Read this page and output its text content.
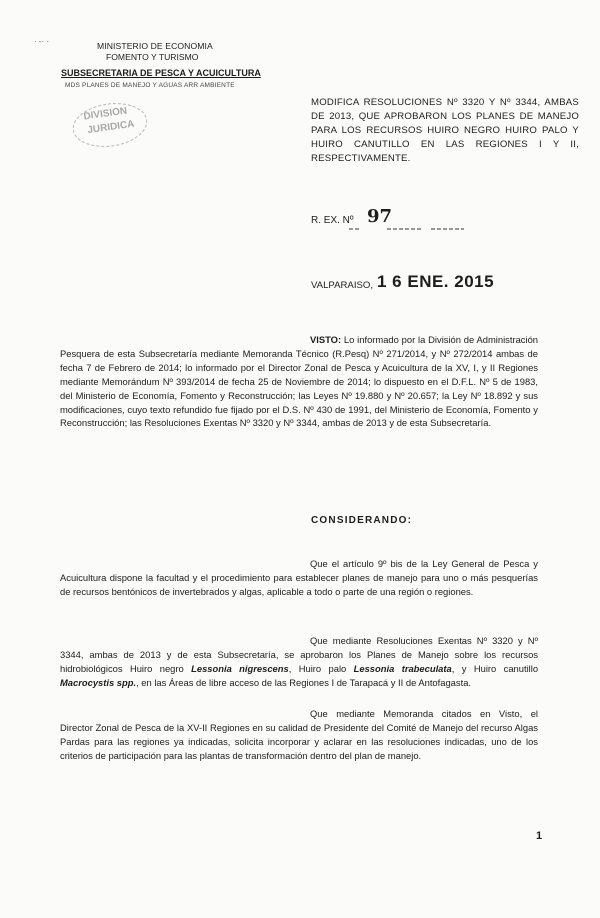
· -· ·	MINISTERIO DE ECONOMIA
FOMENTO Y TURISMO
SUBSECRETARIA DE PESCA Y ACUICULTURA
MDS PLANES DE MANEJO Y AGUAS ARR AMBIENTE
DIVISION
JURIDICA
MODIFICA RESOLUCIONES Nº 3320 Y Nº 3344, AMBAS DE 2013, QUE APROBARON LOS PLANES DE MANEJO PARA LOS RECURSOS HUIRO NEGRO HUIRO PALO Y HUIRO CANUTILLO EN LAS REGIONES I Y II, RESPECTIVAMENTE.
R. EX. Nº 97
VALPARAISO, 1 6 ENE. 2015
VISTO: Lo informado por la División de Administración Pesquera de esta Subsecretaría mediante Memoranda Técnico (R.Pesq) Nº 271/2014, y Nº 272/2014 ambas de fecha 7 de Febrero de 2014; lo informado por el Director Zonal de Pesca y Acuicultura de la XV, I, y II Regiones mediante Memorándum Nº 393/2014 de fecha 25 de Noviembre de 2014; lo dispuesto en el D.F.L. Nº 5 de 1983, del Ministerio de Economía, Fomento y Reconstrucción; las Leyes Nº 19.880 y Nº 20.657; la Ley Nº 18.892 y sus modificaciones, cuyo texto refundido fue fijado por el D.S. Nº 430 de 1991, del Ministerio de Economía, Fomento y Reconstrucción; las Resoluciones Exentas Nº 3320 y Nº 3344, ambas de 2013 y de esta Subsecretaría.
CONSIDERANDO:
Que el artículo 9º bis de la Ley General de Pesca y Acuicultura dispone la facultad y el procedimiento para establecer planes de manejo para uno o más pesquerías de recursos bentónicos de invertebrados y algas, aplicable a todo o parte de una región o regiones.
Que mediante Resoluciones Exentas Nº 3320 y Nº 3344, ambas de 2013 y de esta Subsecretaría, se aprobaron los Planes de Manejo sobre los recursos hidrobiológicos Huiro negro Lessonia nigrescens, Huiro palo Lessonia trabeculata, y Huiro canutillo Macrocystis spp., en las Áreas de libre acceso de las Regiones I de Tarapacá y II de Antofagasta.
Que mediante Memoranda citados en Visto, el Director Zonal de Pesca de la XV-II Regiones en su calidad de Presidente del Comité de Manejo del recurso Algas Pardas para las regiones ya indicadas, solicita incorporar y aclarar en las resoluciones indicadas, uno de los criterios de participación para las plantas de transformación dentro del plan de manejo.
1
